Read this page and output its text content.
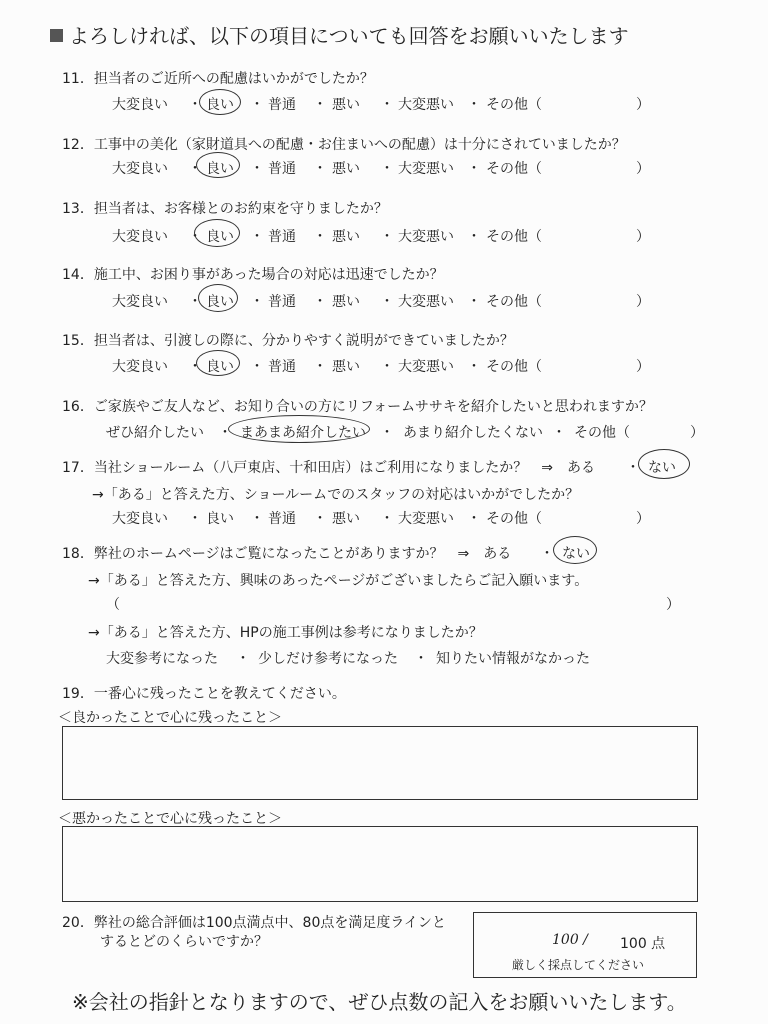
よろしければ、以下の項目についても回答をお願いいたします
11．担当者のご近所への配慮はいかがでしたか？
大変良い ・ 良い ・ 普通 ・ 悪い ・ 大変悪い ・ その他（	）
12．工事中の美化（家財道具への配慮・お住まいへの配慮）は十分にされていましたか？
大変良い ・ 良い ・ 普通 ・ 悪い ・ 大変悪い ・ その他（	）
13．担当者は、お客様とのお約束を守りましたか？
大変良い ・ 良い ・ 普通 ・ 悪い ・ 大変悪い ・ その他（	）
14．施工中、お困り事があった場合の対応は迅速でしたか？
大変良い ・ 良い ・ 普通 ・ 悪い ・ 大変悪い ・ その他（	）
15．担当者は、引渡しの際に、分かりやすく説明ができていましたか？
大変良い ・ 良い ・ 普通 ・ 悪い ・ 大変悪い ・ その他（	）
16．ご家族やご友人など、お知り合いの方にリフォームササキを紹介したいと思われますか？
ぜひ紹介したい ・ まあまあ紹介したい ・ あまり紹介したくない ・ その他（	）
17．当社ショールーム（八戸東店、十和田店）はご利用になりましたか？　⇒　ある ・ ない
→「ある」と答えた方、ショールームでのスタッフの対応はいかがでしたか？
大変良い ・ 良い ・ 普通 ・ 悪い ・ 大変悪い ・ その他（	）
18．弊社のホームページはご覧になったことがありますか？　⇒　ある ・ ない
→「ある」と答えた方、興味のあったページがございましたらご記入願います。
（	）
→「ある」と答えた方、HPの施工事例は参考になりましたか？
大変参考になった ・ 少しだけ参考になった ・ 知りたい情報がなかった
19．一番心に残ったことを教えてください。
＜良かったことで心に残ったこと＞
＜悪かったことで心に残ったこと＞
20．弊社の総合評価は100点満点中、80点を満足度ラインと
するとどのくらいですか？	100 / 100 点
厳しく採点してください
※会社の指針となりますので、ぜひ点数の記入をお願いいたします。
